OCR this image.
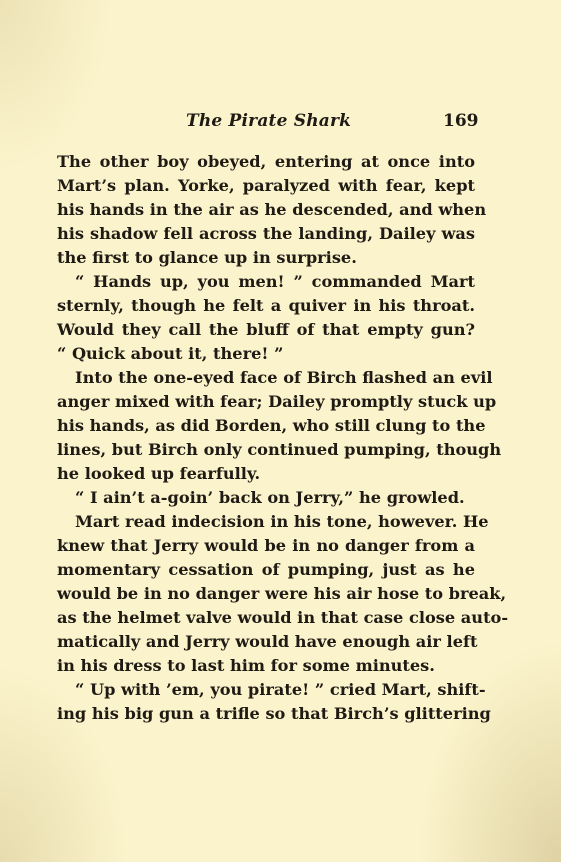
The Pirate Shark	169
The other boy obeyed, entering at once into
Mart’s plan. Yorke, paralyzed with fear, kept
his hands in the air as he descended, and when
his shadow fell across the landing, Dailey was
the first to glance up in surprise.
“ Hands up, you men! ” commanded Mart
sternly, though he felt a quiver in his throat.
Would they call the bluff of that empty gun?
“ Quick about it, there! ”
Into the one-eyed face of Birch flashed an evil
anger mixed with fear; Dailey promptly stuck up
his hands, as did Borden, who still clung to the
lines, but Birch only continued pumping, though
he looked up fearfully.
“ I ain’t a-goin’ back on Jerry,” he growled.
Mart read indecision in his tone, however. He
knew that Jerry would be in no danger from a
momentary cessation of pumping, just as he
would be in no danger were his air hose to break,
as the helmet valve would in that case close auto-
matically and Jerry would have enough air left
in his dress to last him for some minutes.
“ Up with ’em, you pirate! ” cried Mart, shift-
ing his big gun a trifle so that Birch’s glittering
